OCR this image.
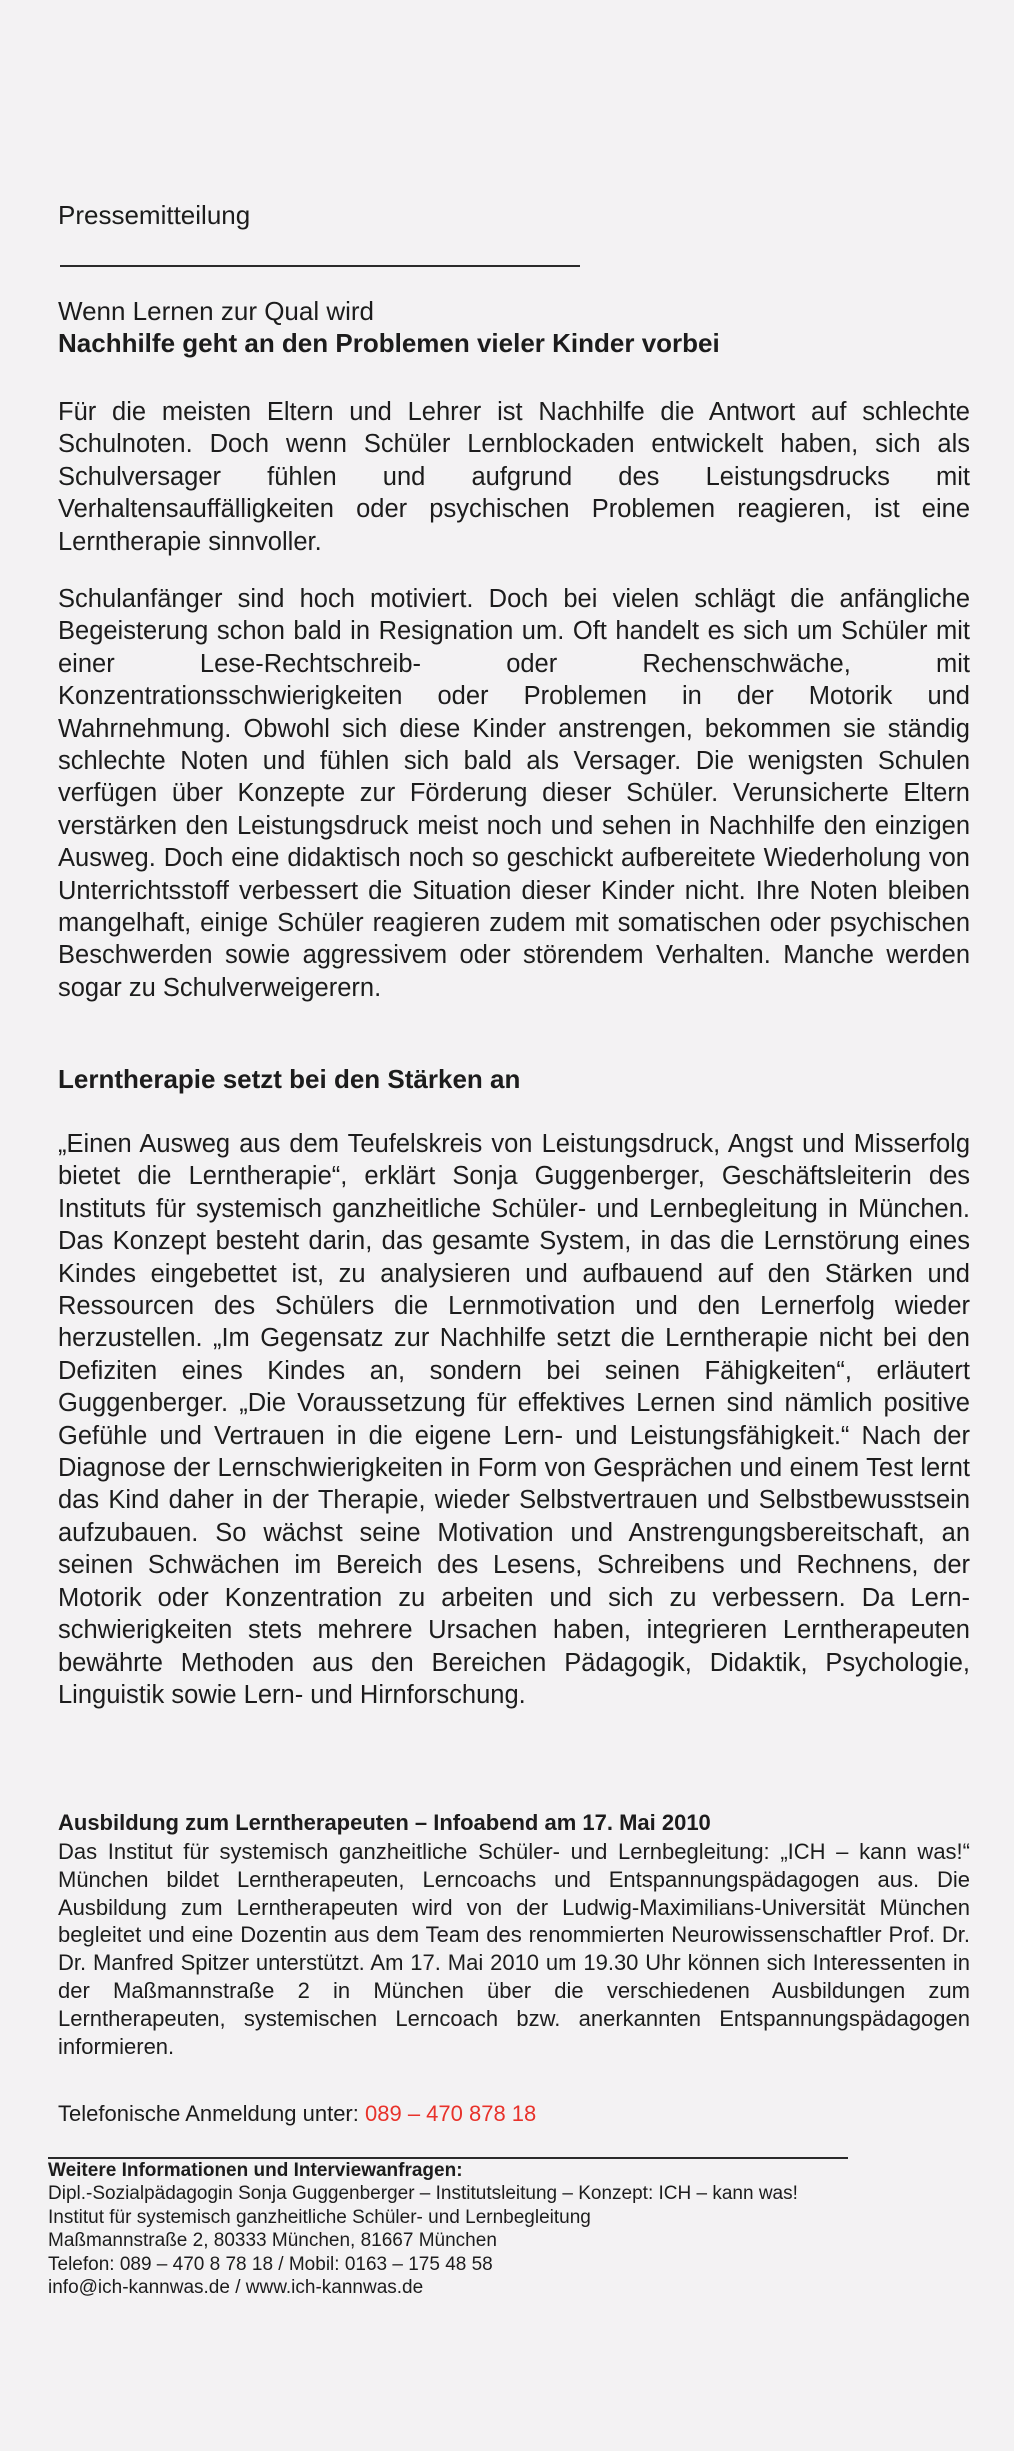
Pressemitteilung
Wenn Lernen zur Qual wird
Nachhilfe geht an den Problemen vieler Kinder vorbei

Für die meisten Eltern und Lehrer ist Nachhilfe die Antwort auf schlechte Schulnoten. Doch wenn Schüler Lernblockaden entwickelt haben, sich als Schulversager fühlen und aufgrund des Leistungsdrucks mit Verhaltensauffälligkeiten oder psychischen Problemen reagieren, ist eine Lerntherapie sinnvoller.

Schulanfänger sind hoch motiviert. Doch bei vielen schlägt die anfängliche Begeisterung schon bald in Resignation um. Oft handelt es sich um Schüler mit einer Lese-Rechtschreib- oder Rechenschwäche, mit Konzentrationsschwierigkeiten oder Problemen in der Motorik und Wahrnehmung. Obwohl sich diese Kinder anstrengen, bekommen sie ständig schlechte Noten und fühlen sich bald als Versager. Die wenigsten Schulen verfügen über Konzepte zur Förderung dieser Schüler. Verunsicherte Eltern verstärken den Leistungsdruck meist noch und sehen in Nachhilfe den einzigen Ausweg. Doch eine didaktisch noch so geschickt aufbereitete Wiederholung von Unterrichtsstoff verbessert die Situation dieser Kinder nicht. Ihre Noten bleiben mangelhaft, einige Schüler reagieren zudem mit somatischen oder psychischen Beschwerden sowie aggressivem oder störendem Verhalten. Manche werden sogar zu Schulverweigerern.

Lerntherapie setzt bei den Stärken an

„Einen Ausweg aus dem Teufelskreis von Leistungsdruck, Angst und Misserfolg bietet die Lerntherapie“, erklärt Sonja Guggenberger, Geschäftsleiterin des Instituts für systemisch ganzheitliche Schüler- und Lernbegleitung in München. Das Konzept besteht darin, das gesamte System, in das die Lernstörung eines Kindes eingebettet ist, zu analysieren und aufbauend auf den Stärken und Ressourcen des Schülers die Lernmotivation und den Lernerfolg wieder herzustellen. „Im Gegensatz zur Nachhilfe setzt die Lerntherapie nicht bei den Defiziten eines Kindes an, sondern bei seinen Fähigkeiten“, erläutert Guggenberger. „Die Voraussetzung für effektives Lernen sind nämlich positive Gefühle und Vertrauen in die eigene Lern- und Leistungsfähigkeit.“ Nach der Diagnose der Lernschwierigkeiten in Form von Gesprächen und einem Test lernt das Kind daher in der Therapie, wieder Selbstvertrauen und Selbstbewusstsein aufzubauen. So wächst seine Motivation und Anstrengungsbereitschaft, an seinen Schwächen im Bereich des Lesens, Schreibens und Rechnens, der Motorik oder Konzentration zu arbeiten und sich zu verbessern. Da Lern-schwierigkeiten stets mehrere Ursachen haben, integrieren Lerntherapeuten bewährte Methoden aus den Bereichen Pädagogik, Didaktik, Psychologie, Linguistik sowie Lern- und Hirnforschung.

Ausbildung zum Lerntherapeuten – Infoabend am 17. Mai 2010

Das Institut für systemisch ganzheitliche Schüler- und Lernbegleitung: „ICH – kann was!“ München bildet Lerntherapeuten, Lerncoachs und Entspannungspädagogen aus. Die Ausbildung zum Lerntherapeuten wird von der Ludwig-Maximilians-Universität München begleitet und eine Dozentin aus dem Team des renommierten Neurowissenschaftler Prof. Dr. Dr. Manfred Spitzer unterstützt. Am 17. Mai 2010 um 19.30 Uhr können sich Interessenten in der Maßmannstraße 2 in München über die verschiedenen Ausbildungen zum Lerntherapeuten, systemischen Lerncoach bzw. anerkannten Entspannungspädagogen informieren.

Telefonische Anmeldung unter: 089 – 470 878 18
Weitere Informationen und Interviewanfragen:
Dipl.-Sozialpädagogin Sonja Guggenberger – Institutsleitung – Konzept: ICH – kann was!
Institut für systemisch ganzheitliche Schüler- und Lernbegleitung
Maßmannstraße 2, 80333 München, 81667 München
Telefon: 089 – 470 8 78 18 / Mobil: 0163 – 175 48 58
info@ich-kannwas.de / www.ich-kannwas.de
